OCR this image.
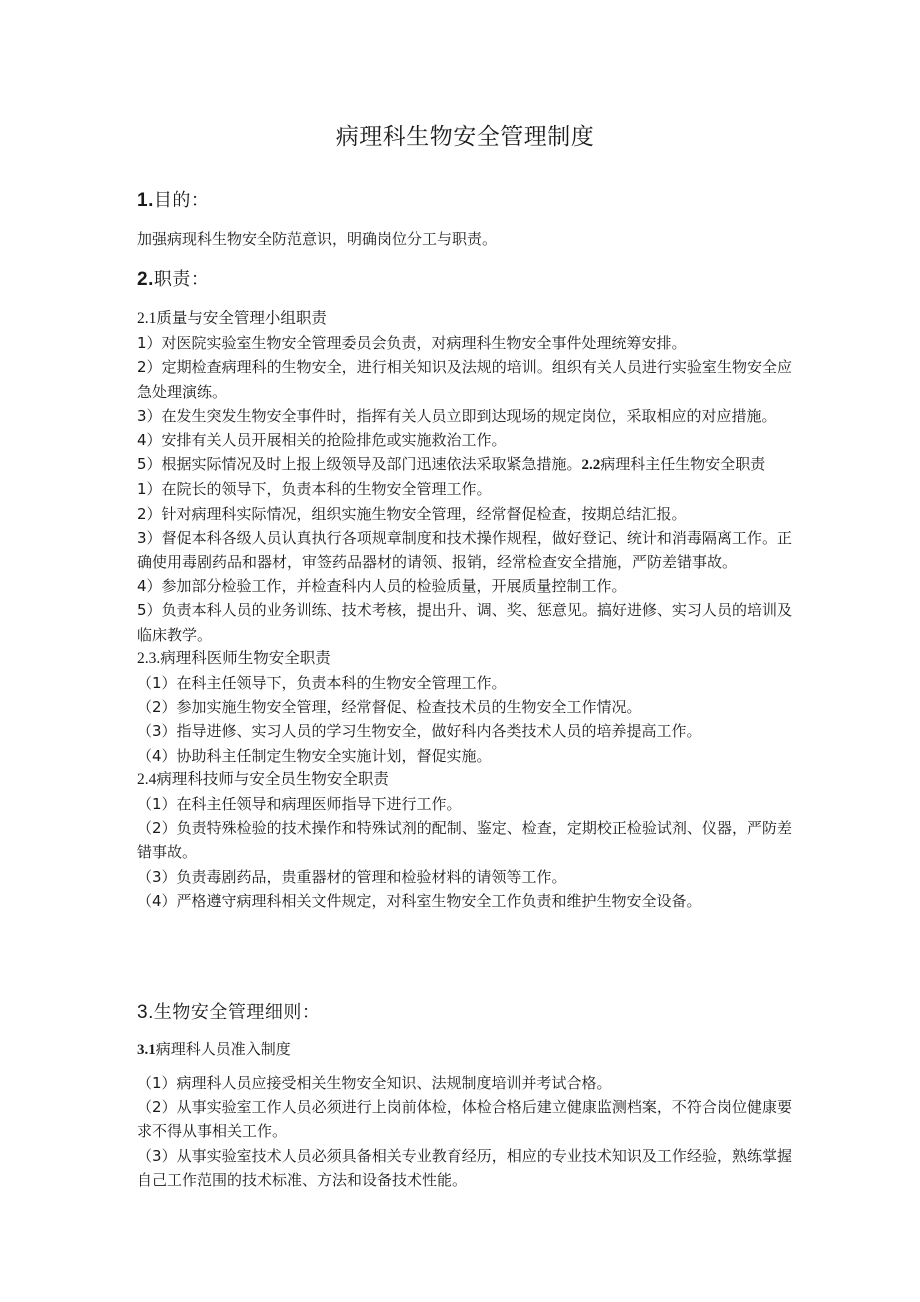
病理科生物安全管理制度
1.目的：
加强病现科生物安全防范意识，明确岗位分工与职责。
2.职责：
2.1质量与安全管理小组职责
1）对医院实验室生物安全管理委员会负责，对病理科生物安全事件处理统筹安排。
2）定期检查病理科的生物安全，进行相关知识及法规的培训。组织有关人员进行实验室生物安全应急处理演练。
3）在发生突发生物安全事件时，指挥有关人员立即到达现场的规定岗位，采取相应的对应措施。
4）安排有关人员开展相关的抢险排危或实施救治工作。
5）根据实际情况及时上报上级领导及部门迅速依法采取紧急措施。2.2病理科主任生物安全职责
1）在院长的领导下，负责本科的生物安全管理工作。
2）针对病理科实际情况，组织实施生物安全管理，经常督促检查，按期总结汇报。
3）督促本科各级人员认真执行各项规章制度和技术操作规程，做好登记、统计和消毒隔离工作。正确使用毒剧药品和器材，审签药品器材的请领、报销，经常检查安全措施，严防差错事故。
4）参加部分检验工作，并检查科内人员的检验质量，开展质量控制工作。
5）负责本科人员的业务训练、技术考核，提出升、调、奖、惩意见。搞好进修、实习人员的培训及临床教学。
2.3.病理科医师生物安全职责
（1）在科主任领导下，负责本科的生物安全管理工作。
（2）参加实施生物安全管理，经常督促、检查技术员的生物安全工作情况。
（3）指导进修、实习人员的学习生物安全，做好科内各类技术人员的培养提高工作。
（4）协助科主任制定生物安全实施计划，督促实施。
2.4病理科技师与安全员生物安全职责
（1）在科主任领导和病理医师指导下进行工作。
（2）负责特殊检验的技术操作和特殊试剂的配制、鉴定、检查，定期校正检验试剂、仪器，严防差错事故。
（3）负责毒剧药品，贵重器材的管理和检验材料的请领等工作。
（4）严格遵守病理科相关文件规定，对科室生物安全工作负责和维护生物安全设备。
3.生物安全管理细则：
3.1病理科人员准入制度
（1）病理科人员应接受相关生物安全知识、法规制度培训并考试合格。
（2）从事实验室工作人员必须进行上岗前体检，体检合格后建立健康监测档案，不符合岗位健康要求不得从事相关工作。
（3）从事实验室技术人员必须具备相关专业教育经历，相应的专业技术知识及工作经验，熟练掌握自己工作范围的技术标准、方法和设备技术性能。
